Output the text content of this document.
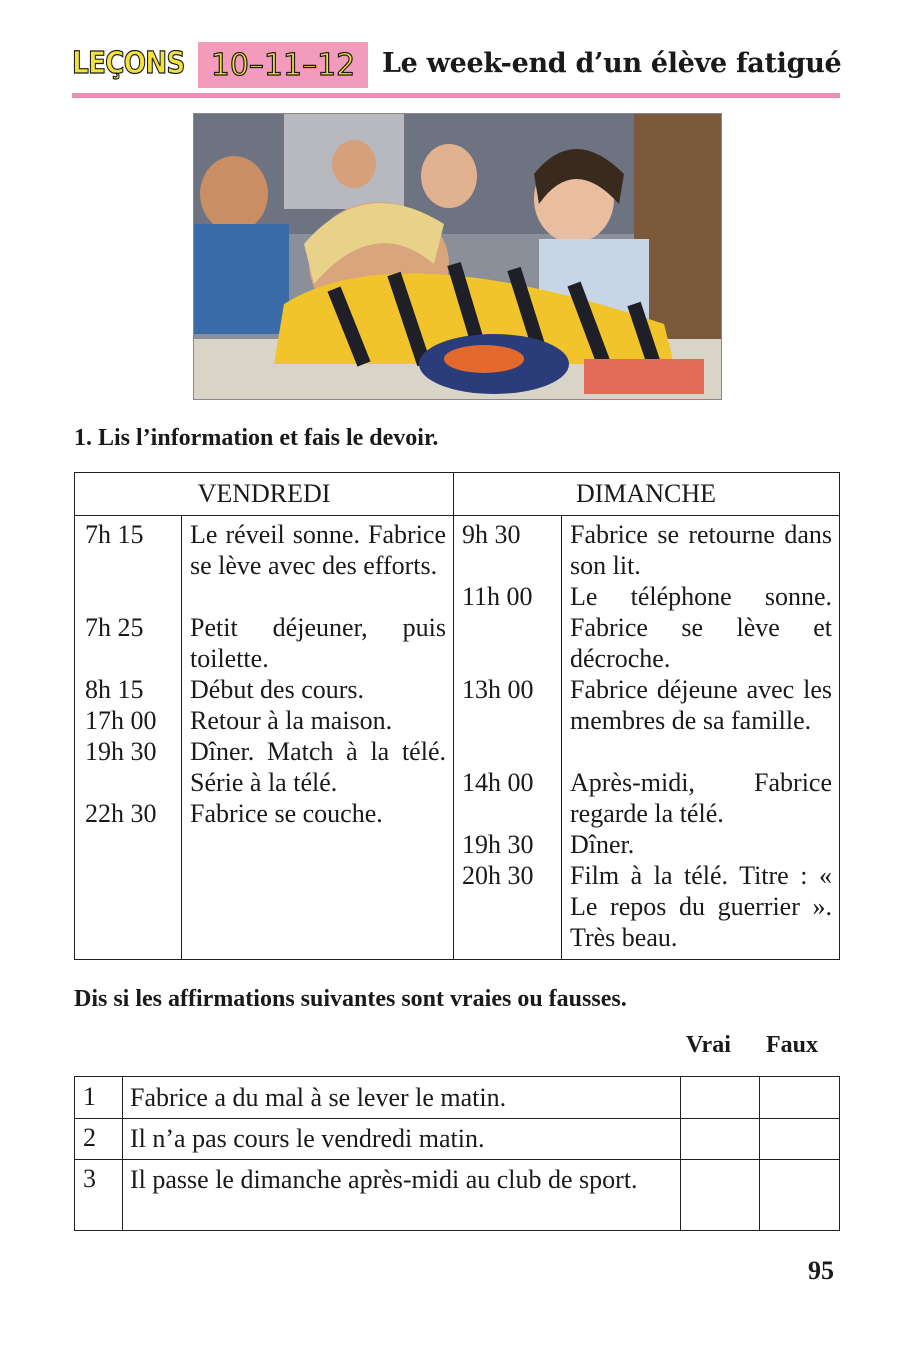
LEÇONS 10–11–12 Le week-end d’un élève fatigué
1. Lis l’information et fais le devoir.
VENDREDI	DIMANCHE
7h 15 Le réveil sonne. Fabrice se lève avec des efforts.
7h 25 Petit déjeuner, puis toilette.
8h 15 Début des cours.
17h 00 Retour à la maison.
19h 30 Dîner. Match à la télé. Série à la télé.
22h 30 Fabrice se couche.
9h 30 Fabrice se retourne dans son lit.
11h 00 Le téléphone sonne. Fabrice se lève et décroche.
13h 00 Fabrice déjeune avec les membres de sa famille.
14h 00 Après-midi, Fabrice regarde la télé.
19h 30 Dîner.
20h 30 Film à la télé. Titre : « Le repos du guerrier ». Très beau.
Dis si les affirmations suivantes sont vraies ou fausses.
Vrai Faux
1 Fabrice a du mal à se lever le matin.
2 Il n’a pas cours le vendredi matin.
3 Il passe le dimanche après-midi au club de sport.
95
